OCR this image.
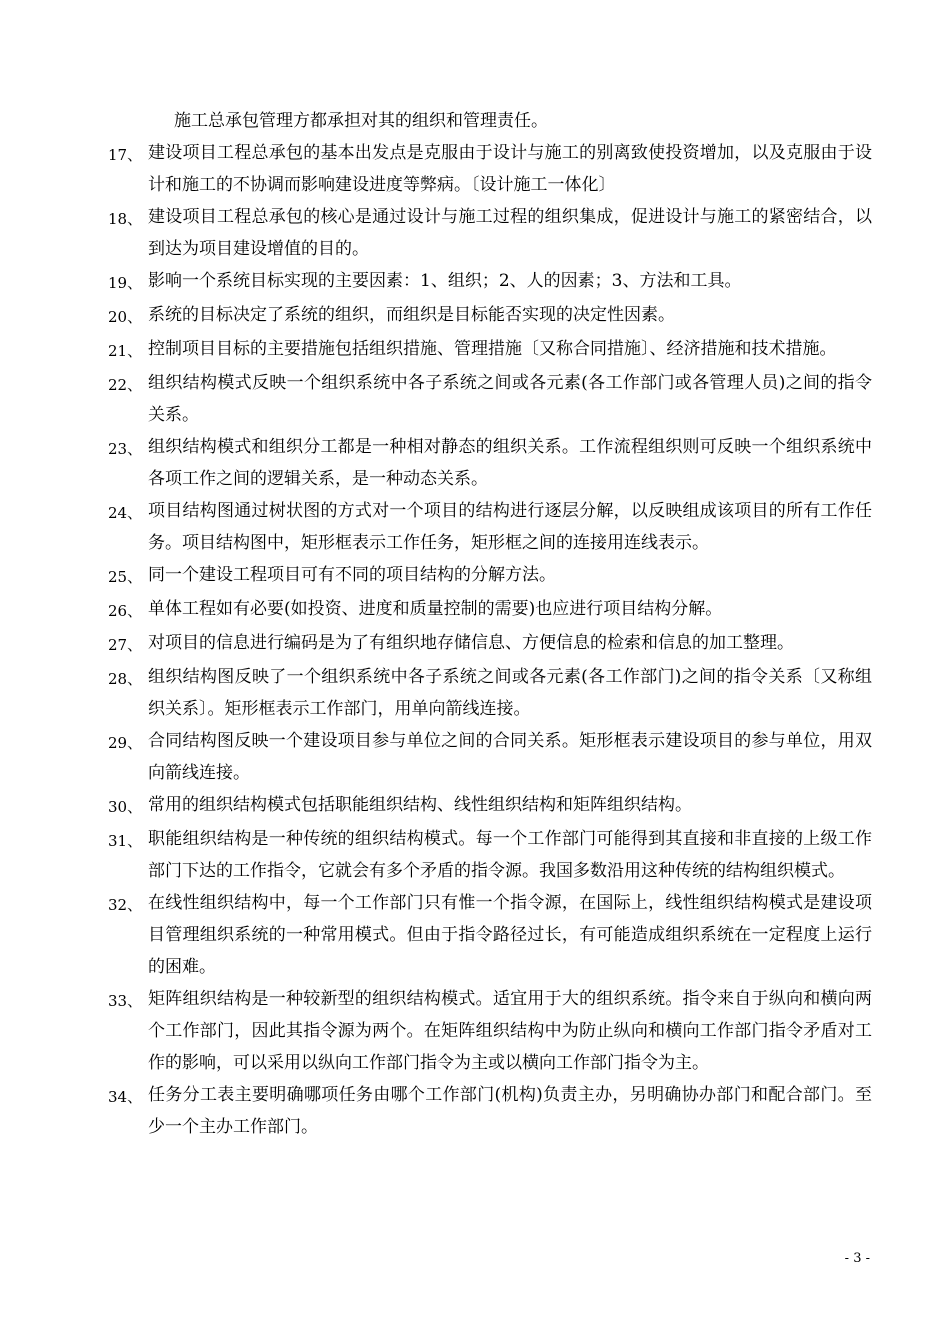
施工总承包管理方都承担对其的组织和管理责任。
17、 建设项目工程总承包的基本出发点是克服由于设计与施工的别离致使投资增加，以及克服由于设计和施工的不协调而影响建设进度等弊病。〔设计施工一体化〕
18、 建设项目工程总承包的核心是通过设计与施工过程的组织集成，促进设计与施工的紧密结合，以到达为项目建设增值的目的。
19、 影响一个系统目标实现的主要因素：1、组织；2、人的因素；3、方法和工具。
20、 系统的目标决定了系统的组织，而组织是目标能否实现的决定性因素。
21、 控制项目目标的主要措施包括组织措施、管理措施〔又称合同措施〕、经济措施和技术措施。
22、 组织结构模式反映一个组织系统中各子系统之间或各元素(各工作部门或各管理人员)之间的指令关系。
23、 组织结构模式和组织分工都是一种相对静态的组织关系。工作流程组织则可反映一个组织系统中各项工作之间的逻辑关系，是一种动态关系。
24、 项目结构图通过树状图的方式对一个项目的结构进行逐层分解，以反映组成该项目的所有工作任务。项目结构图中，矩形框表示工作任务，矩形框之间的连接用连线表示。
25、 同一个建设工程项目可有不同的项目结构的分解方法。
26、 单体工程如有必要(如投资、进度和质量控制的需要)也应进行项目结构分解。
27、 对项目的信息进行编码是为了有组织地存储信息、方便信息的检索和信息的加工整理。
28、 组织结构图反映了一个组织系统中各子系统之间或各元素(各工作部门)之间的指令关系〔又称组织关系〕。矩形框表示工作部门，用单向箭线连接。
29、 合同结构图反映一个建设项目参与单位之间的合同关系。矩形框表示建设项目的参与单位，用双向箭线连接。
30、 常用的组织结构模式包括职能组织结构、线性组织结构和矩阵组织结构。
31、 职能组织结构是一种传统的组织结构模式。每一个工作部门可能得到其直接和非直接的上级工作部门下达的工作指令，它就会有多个矛盾的指令源。我国多数沿用这种传统的结构组织模式。
32、 在线性组织结构中，每一个工作部门只有惟一个指令源，在国际上，线性组织结构模式是建设项目管理组织系统的一种常用模式。但由于指令路径过长，有可能造成组织系统在一定程度上运行的困难。
33、 矩阵组织结构是一种较新型的组织结构模式。适宜用于大的组织系统。指令来自于纵向和横向两个工作部门，因此其指令源为两个。在矩阵组织结构中为防止纵向和横向工作部门指令矛盾对工作的影响，可以采用以纵向工作部门指令为主或以横向工作部门指令为主。
34、 任务分工表主要明确哪项任务由哪个工作部门(机构)负责主办，另明确协办部门和配合部门。至少一个主办工作部门。
- 3 -
